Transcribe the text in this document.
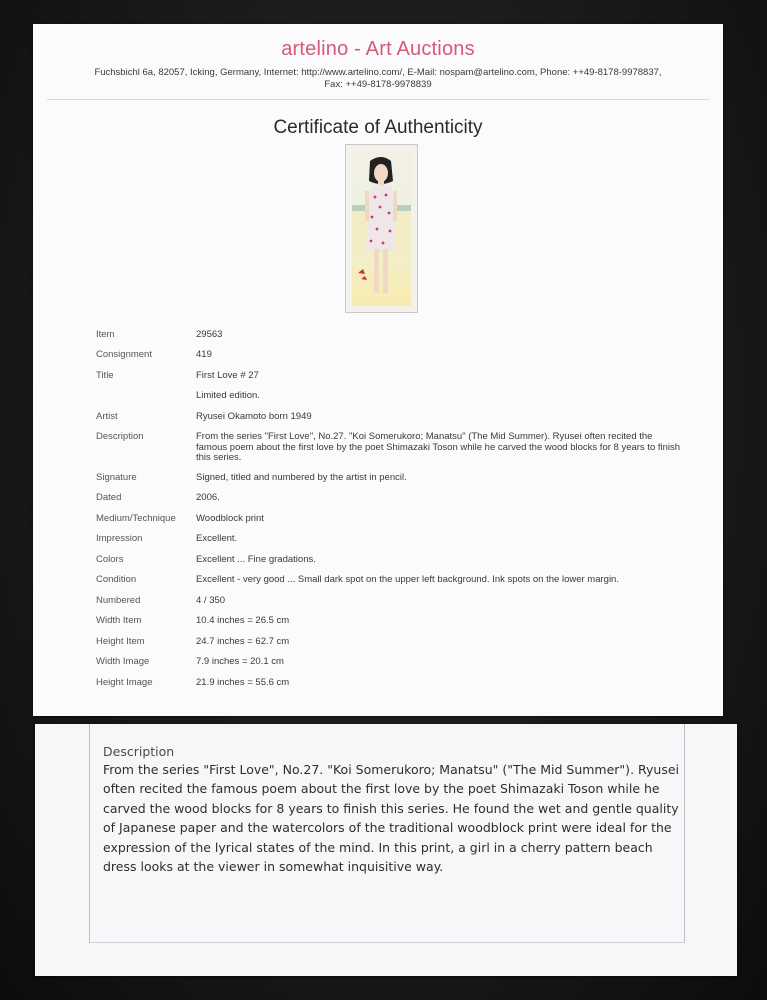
artelino - Art Auctions
Fuchsbichl 6a, 82057, Icking, Germany, Internet: http://www.artelino.com/, E-Mail: nospam@artelino.com, Phone: ++49-8178-9978837,
Fax: ++49-8178-9978839
Certificate of Authenticity
Item	29563
Consignment	419
Title	First Love # 27
Limited edition.
Artist	Ryusei Okamoto born 1949
Description	From the series "First Love", No.27. "Koi Somerukoro; Manatsu" (The Mid Summer). Ryusei often recited the famous poem about the first love by the poet Shimazaki Toson while he carved the wood blocks for 8 years to finish this series.
Signature	Signed, titled and numbered by the artist in pencil.
Dated	2006.
Medium/Technique	Woodblock print
Impression	Excellent.
Colors	Excellent ... Fine gradations.
Condition	Excellent - very good ... Small dark spot on the upper left background. Ink spots on the lower margin.
Numbered	4 / 350
Width Item	10.4 inches = 26.5 cm
Height Item	24.7 inches = 62.7 cm
Width Image	7.9 inches = 20.1 cm
Height Image	21.9 inches = 55.6 cm
Description
From the series "First Love", No.27. "Koi Somerukoro; Manatsu" ("The Mid Summer"). Ryusei often recited the famous poem about the first love by the poet Shimazaki Toson while he carved the wood blocks for 8 years to finish this series. He found the wet and gentle quality of Japanese paper and the watercolors of the traditional woodblock print were ideal for the expression of the lyrical states of the mind. In this print, a girl in a cherry pattern beach dress looks at the viewer in somewhat inquisitive way.
